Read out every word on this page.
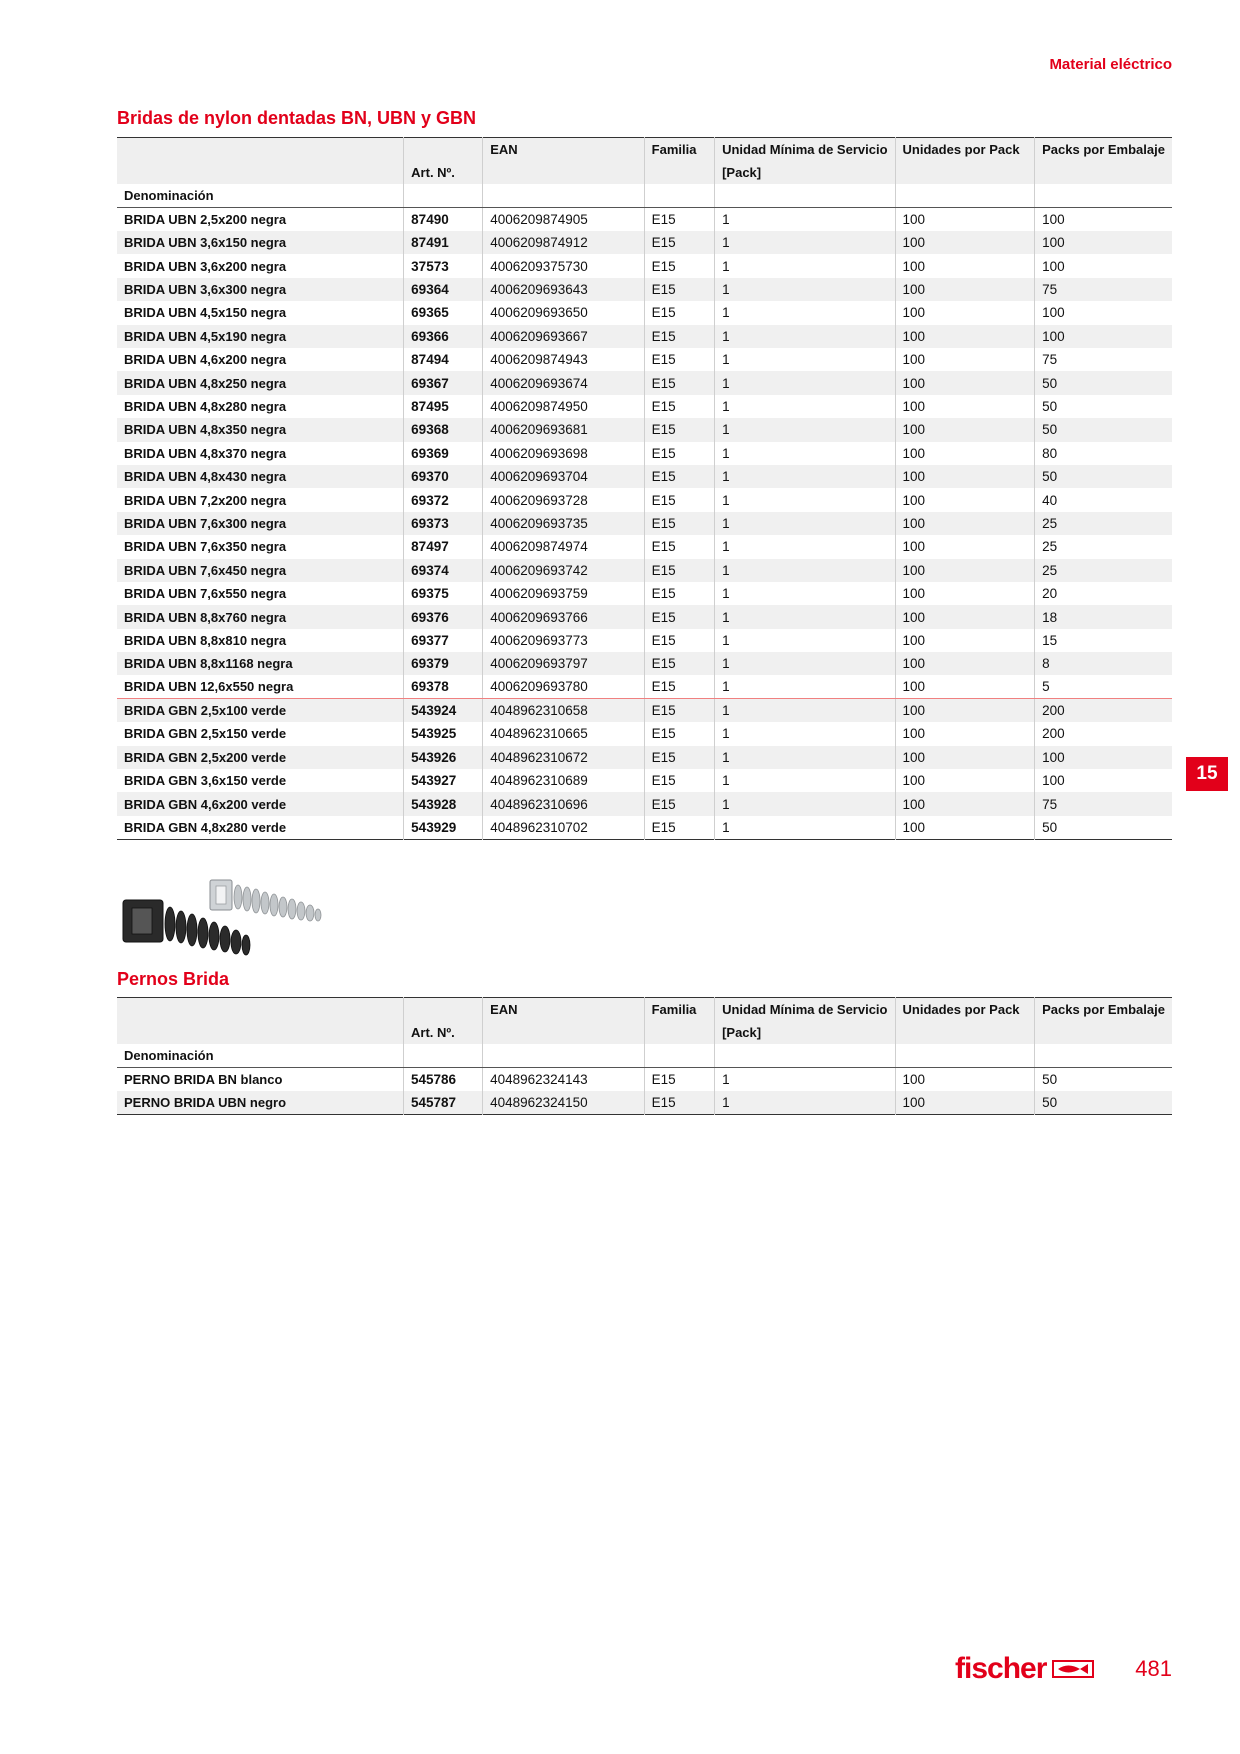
Material eléctrico
Bridas de nylon dentadas BN, UBN y GBN
		EAN	Familia	Unidad Mínima de Servicio	Unidades por Pack	Packs por Embalaje
	Art. Nº.			[Pack]		
Denominación						
BRIDA UBN 2,5x200 negra	87490	4006209874905	E15	1	100	100
BRIDA UBN 3,6x150 negra	87491	4006209874912	E15	1	100	100
BRIDA UBN 3,6x200 negra	37573	4006209375730	E15	1	100	100
BRIDA UBN 3,6x300 negra	69364	4006209693643	E15	1	100	75
BRIDA UBN 4,5x150 negra	69365	4006209693650	E15	1	100	100
BRIDA UBN 4,5x190 negra	69366	4006209693667	E15	1	100	100
BRIDA UBN 4,6x200 negra	87494	4006209874943	E15	1	100	75
BRIDA UBN 4,8x250 negra	69367	4006209693674	E15	1	100	50
BRIDA UBN 4,8x280 negra	87495	4006209874950	E15	1	100	50
BRIDA UBN 4,8x350 negra	69368	4006209693681	E15	1	100	50
BRIDA UBN 4,8x370 negra	69369	4006209693698	E15	1	100	80
BRIDA UBN 4,8x430 negra	69370	4006209693704	E15	1	100	50
BRIDA UBN 7,2x200 negra	69372	4006209693728	E15	1	100	40
BRIDA UBN 7,6x300 negra	69373	4006209693735	E15	1	100	25
BRIDA UBN 7,6x350 negra	87497	4006209874974	E15	1	100	25
BRIDA UBN 7,6x450 negra	69374	4006209693742	E15	1	100	25
BRIDA UBN 7,6x550 negra	69375	4006209693759	E15	1	100	20
BRIDA UBN 8,8x760 negra	69376	4006209693766	E15	1	100	18
BRIDA UBN 8,8x810 negra	69377	4006209693773	E15	1	100	15
BRIDA UBN 8,8x1168 negra	69379	4006209693797	E15	1	100	8
BRIDA UBN 12,6x550 negra	69378	4006209693780	E15	1	100	5
BRIDA GBN 2,5x100 verde	543924	4048962310658	E15	1	100	200
BRIDA GBN 2,5x150 verde	543925	4048962310665	E15	1	100	200
BRIDA GBN 2,5x200 verde	543926	4048962310672	E15	1	100	100
BRIDA GBN 3,6x150 verde	543927	4048962310689	E15	1	100	100
BRIDA GBN 4,6x200 verde	543928	4048962310696	E15	1	100	75
BRIDA GBN 4,8x280 verde	543929	4048962310702	E15	1	100	50
15
Pernos Brida
		EAN	Familia	Unidad Mínima de Servicio	Unidades por Pack	Packs por Embalaje
	Art. Nº.			[Pack]		
Denominación						
PERNO BRIDA BN blanco	545786	4048962324143	E15	1	100	50
PERNO BRIDA UBN negro	545787	4048962324150	E15	1	100	50
fischer	481
